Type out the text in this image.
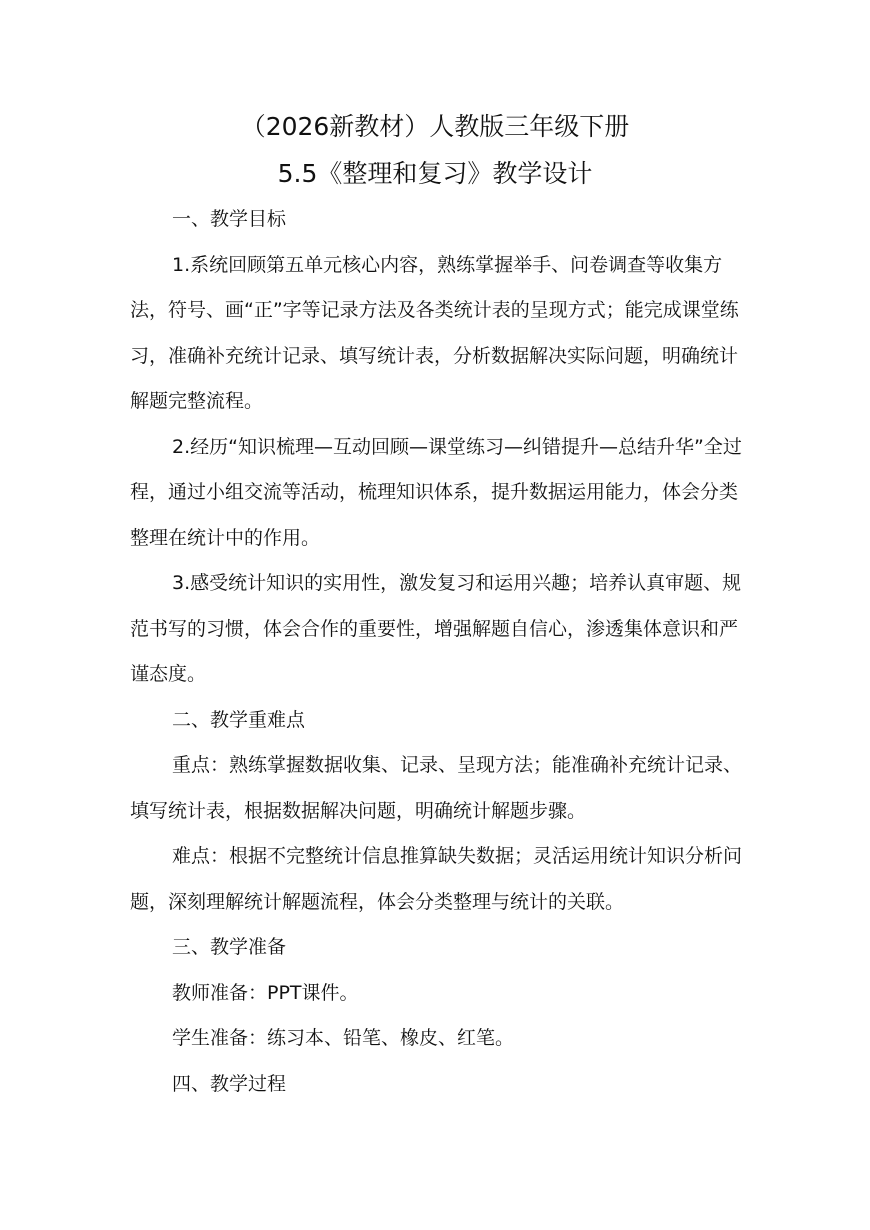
（2026新教材）人教版三年级下册
5.5《整理和复习》教学设计

一、教学目标

1.系统回顾第五单元核心内容，熟练掌握举手、问卷调查等收集方法，符号、画“正”字等记录方法及各类统计表的呈现方式；能完成课堂练习，准确补充统计记录、填写统计表，分析数据解决实际问题，明确统计解题完整流程。

2.经历“知识梳理—互动回顾—课堂练习—纠错提升—总结升华”全过程，通过小组交流等活动，梳理知识体系，提升数据运用能力，体会分类整理在统计中的作用。

3.感受统计知识的实用性，激发复习和运用兴趣；培养认真审题、规范书写的习惯，体会合作的重要性，增强解题自信心，渗透集体意识和严谨态度。

二、教学重难点

重点：熟练掌握数据收集、记录、呈现方法；能准确补充统计记录、填写统计表，根据数据解决问题，明确统计解题步骤。

难点：根据不完整统计信息推算缺失数据；灵活运用统计知识分析问题，深刻理解统计解题流程，体会分类整理与统计的关联。

三、教学准备

教师准备：PPT课件。

学生准备：练习本、铅笔、橡皮、红笔。

四、教学过程
